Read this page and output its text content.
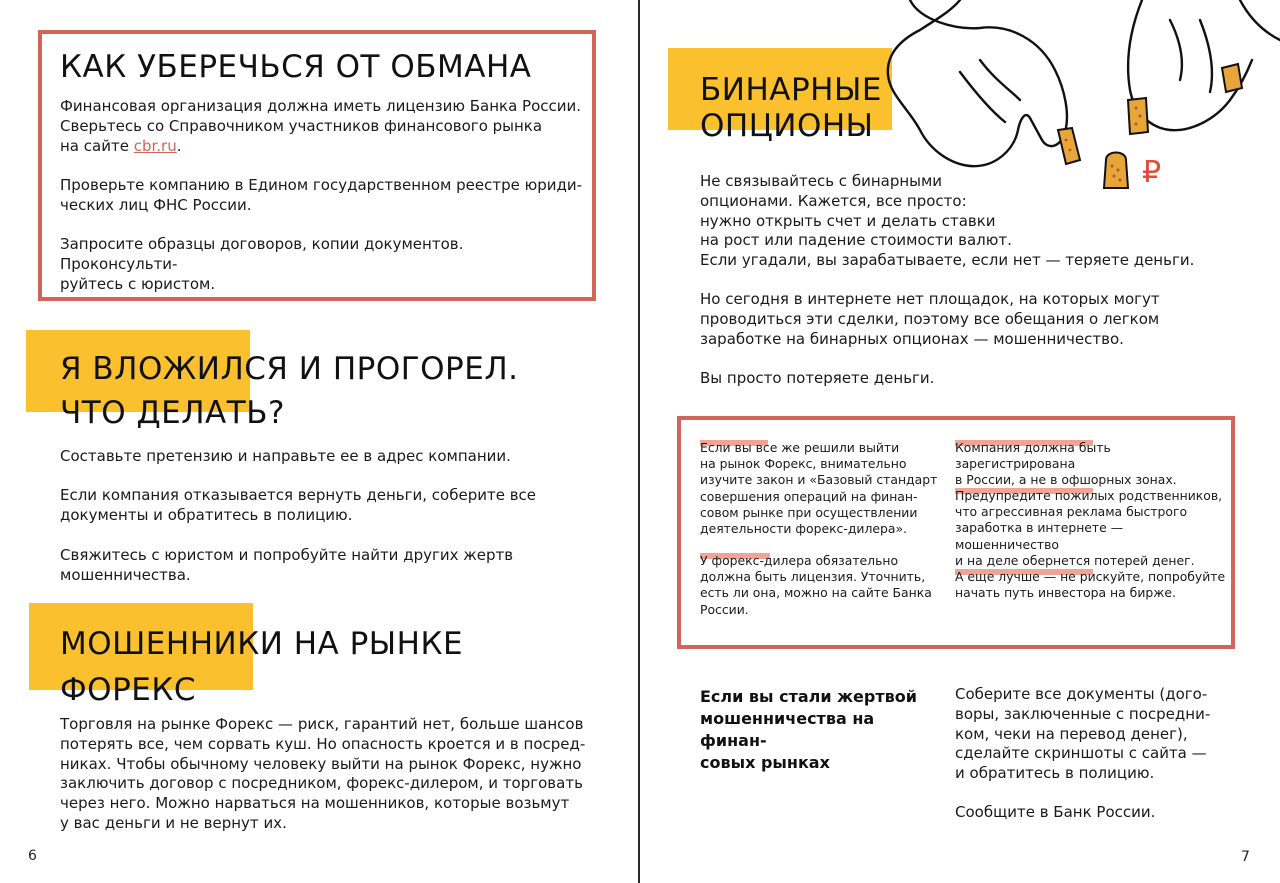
КАК УБЕРЕЧЬСЯ ОТ ОБМАНА
Финансовая организация должна иметь лицензию Банка России.
Сверьтесь со Справочником участников финансового рынка
на сайте cbr.ru.
Проверьте компанию в Едином государственном реестре юриди-
ческих лиц ФНС России.
Запросите образцы договоров, копии документов. Проконсульти-
руйтесь с юристом.
Я ВЛОЖИЛСЯ И ПРОГОРЕЛ.
ЧТО ДЕЛАТЬ?
Составьте претензию и направьте ее в адрес компании.
Если компания отказывается вернуть деньги, соберите все
документы и обратитесь в полицию.
Свяжитесь с юристом и попробуйте найти других жертв
мошенничества.
МОШЕННИКИ НА РЫНКЕ
ФОРЕКС
Торговля на рынке Форекс — риск, гарантий нет, больше шансов
потерять все, чем сорвать куш. Но опасность кроется и в посред-
никах. Чтобы обычному человеку выйти на рынок Форекс, нужно
заключить договор с посредником, форекс-дилером, и торговать
через него. Можно нарваться на мошенников, которые возьмут
у вас деньги и не вернут их.
6
БИНАРНЫЕ
ОПЦИОНЫ
₽
Не связывайтесь с бинарными
опционами. Кажется, все просто:
нужно открыть счет и делать ставки
на рост или падение стоимости валют.
Если угадали, вы зарабатываете, если нет — теряете деньги.
Но сегодня в интернете нет площадок, на которых могут
проводиться эти сделки, поэтому все обещания о легком
заработке на бинарных опционах — мошенничество.
Вы просто потеряете деньги.
Если вы все же решили выйти
на рынок Форекс, внимательно
изучите закон и «Базовый стандарт
совершения операций на финан-
совом рынке при осуществлении
деятельности форекс-дилера».
У форекс-дилера обязательно
должна быть лицензия. Уточнить,
есть ли она, можно на сайте Банка
России.
Компания должна быть зарегистрирована
в России, а не в офшорных зонах.
Предупредите пожилых родственников,
что агрессивная реклама быстрого
заработка в интернете — мошенничество
и на деле обернется потерей денег.
А еще лучше — не рискуйте, попробуйте
начать путь инвестора на бирже.
Если вы стали жертвой
мошенничества на финан-
совых рынках
Соберите все документы (дого-
воры, заключенные с посредни-
ком, чеки на перевод денег),
сделайте скриншоты с сайта —
и обратитесь в полицию.
Сообщите в Банк России.
7
